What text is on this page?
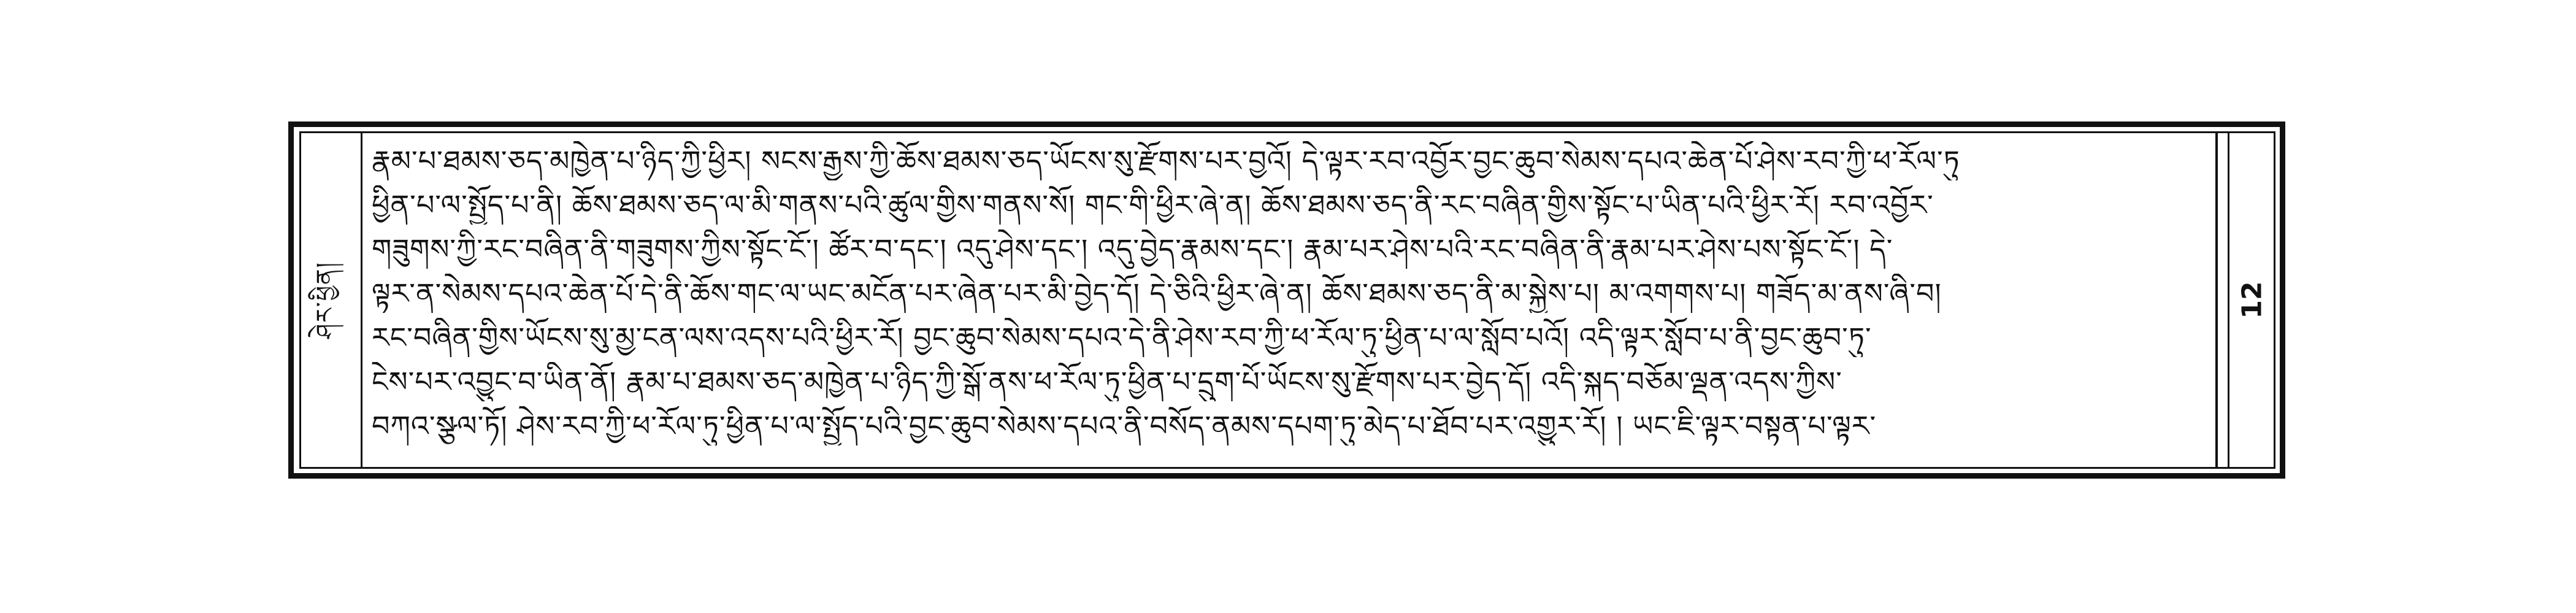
ཤེར་ཕྱིན།	12
རྣམ་པ་ཐམས་ཅད་མཁྱེན་པ་ཉིད་ཀྱི་ཕྱིར། སངས་རྒྱས་ཀྱི་ཆོས་ཐམས་ཅད་ཡོངས་སུ་རྫོགས་པར་བྱའོ། དེ་ལྟར་རབ་འབྱོར་བྱང་ཆུབ་སེམས་དཔའ་ཆེན་པོ་ཤེས་རབ་ཀྱི་ཕ་རོལ་ཏུ
ཕྱིན་པ་ལ་སྤྱོད་པ་ནི། ཆོས་ཐམས་ཅད་ལ་མི་གནས་པའི་ཚུལ་གྱིས་གནས་སོ། གང་གི་ཕྱིར་ཞེ་ན། ཆོས་ཐམས་ཅད་ནི་རང་བཞིན་གྱིས་སྟོང་པ་ཡིན་པའི་ཕྱིར་རོ། རབ་འབྱོར་
གཟུགས་ཀྱི་རང་བཞིན་ནི་གཟུགས་ཀྱིས་སྟོང་ངོ༌། ཚོར་བ་དང་། འདུ་ཤེས་དང་། འདུ་བྱེད་རྣམས་དང་། རྣམ་པར་ཤེས་པའི་རང་བཞིན་ནི་རྣམ་པར་ཤེས་པས་སྟོང་ངོ༌། དེ་
ལྟར་ན་སེམས་དཔའ་ཆེན་པོ་དེ་ནི་ཆོས་གང་ལ་ཡང་མངོན་པར་ཞེན་པར་མི་བྱེད་དོ། དེ་ཅིའི་ཕྱིར་ཞེ་ན། ཆོས་ཐམས་ཅད་ནི་མ་སྐྱེས་པ། མ་འགགས་པ། གཟོད་མ་ནས་ཞི་བ།
རང་བཞིན་གྱིས་ཡོངས་སུ་མྱ་ངན་ལས་འདས་པའི་ཕྱིར་རོ། བྱང་ཆུབ་སེམས་དཔའ་དེ་ནི་ཤེས་རབ་ཀྱི་ཕ་རོལ་ཏུ་ཕྱིན་པ་ལ་སློབ་པའོ། འདི་ལྟར་སློབ་པ་ནི་བྱང་ཆུབ་ཏུ་
ངེས་པར་འབྱུང་བ་ཡིན་ནོ། རྣམ་པ་ཐམས་ཅད་མཁྱེན་པ་ཉིད་ཀྱི་སྒོ་ནས་ཕ་རོལ་ཏུ་ཕྱིན་པ་དྲུག་པོ་ཡོངས་སུ་རྫོགས་པར་བྱེད་དོ། འདི་སྐད་བཅོམ་ལྡན་འདས་ཀྱིས་
བཀའ་སྩལ་ཏོ། ཤེས་རབ་ཀྱི་ཕ་རོལ་ཏུ་ཕྱིན་པ་ལ་སྤྱོད་པའི་བྱང་ཆུབ་སེམས་དཔའ་ནི་བསོད་ནམས་དཔག་ཏུ་མེད་པ་ཐོབ་པར་འགྱུར་རོ། ། ཡང་ཇི་ལྟར་བསྟན་པ་ལྟར་
